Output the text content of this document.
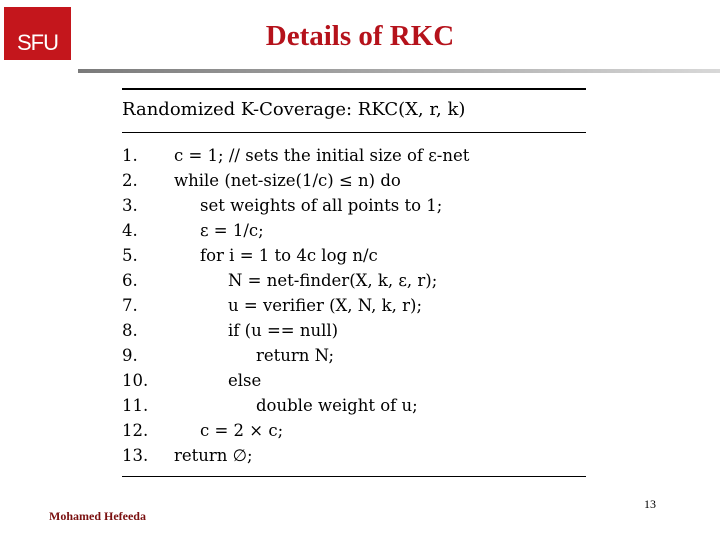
SFU	Details of RKC
Randomized K-Coverage: RKC(X, r, k)
1. c = 1; // sets the initial size of ε-net
2. while (net-size(1/c) ≤ n) do
3.	set weights of all points to 1;
4.	ε = 1/c;
5.	for i = 1 to 4c log n/c
6.	N = net-finder(X, k, ε, r);
7.	u = verifier (X, N, k, r);
8.	if (u == null)
9.	return N;
10.	else
11.	double weight of u;
12.	c = 2 × c;
13. return ∅;
Mohamed Hefeeda
13
